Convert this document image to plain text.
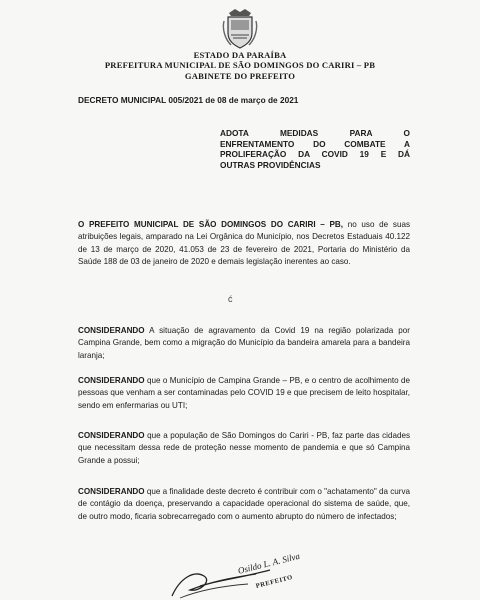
ESTADO DA PARAÍBA
PREFEITURA MUNICIPAL DE SÃO DOMINGOS DO CARIRI – PB
GABINETE DO PREFEITO
DECRETO MUNICIPAL 005/2021 de 08 de março de 2021
ADOTA MEDIDAS PARA O
ENFRENTAMENTO DO COMBATE A
PROLIFERAÇÃO DA COVID 19 E DÁ
OUTRAS PROVIDÊNCIAS
O PREFEITO MUNICIPAL DE SÃO DOMINGOS DO CARIRI – PB, no uso de suas atribuições legais, amparado na Lei Orgânica do Município, nos Decretos Estaduais 40.122 de 13 de março de 2020, 41.053 de 23 de fevereiro de 2021, Portaria do Ministério da Saúde 188 de 03 de janeiro de 2020 e demais legislação inerentes ao caso.
ć
CONSIDERANDO A situação de agravamento da Covid 19 na região polarizada por Campina Grande, bem como a migração do Município da bandeira amarela para a bandeira laranja;
CONSIDERANDO que o Município de Campina Grande – PB, e o centro de acolhimento de pessoas que venham a ser contaminadas pelo COVID 19 e que precisem de leito hospitalar, sendo em enfermarias ou UTI;
CONSIDERANDO que a população de São Domingos do Cariri - PB, faz parte das cidades que necessitam dessa rede de proteção nesse momento de pandemia e que só Campina Grande a possui;
CONSIDERANDO que a finalidade deste decreto é contribuir com o "achatamento" da curva de contágio da doença, preservando a capacidade operacional do sistema de saúde, que, de outro modo, ficaria sobrecarregado com o aumento abrupto do número de infectados;
Osildo L. A. Silva
PREFEITO
